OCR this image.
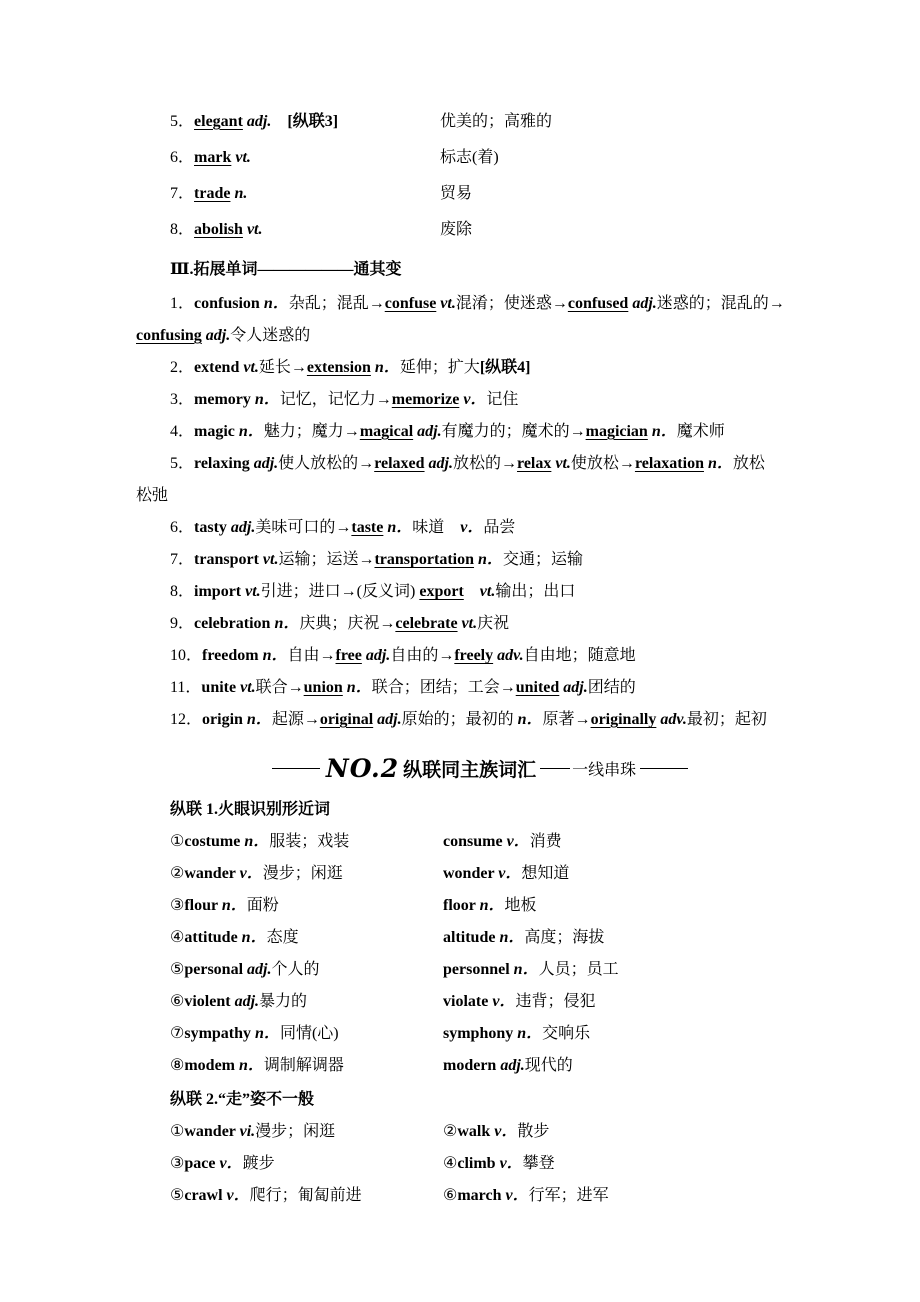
5．elegant adj.　 [纵联3]	优美的；高雅的
6．mark vt.	标志(着)
7．trade n.	贸易
8．abolish vt.	废除
Ⅲ.拓展单词——————通其变
1．confusion n．杂乱；混乱→confuse vt.混淆；使迷惑→confused adj.迷惑的；混乱的→
confusing adj.令人迷惑的
2．extend vt.延长→extension n．延伸；扩大[纵联4]
3．memory n．记忆，记忆力→memorize v．记住
4．magic n．魅力；魔力→magical adj.有魔力的；魔术的→magician n．魔术师
5．relaxing adj.使人放松的→relaxed adj.放松的→relax vt.使放松→relaxation n．放松
松弛
6．tasty adj.美味可口的→taste n．味道　v．品尝
7．transport vt.运输；运送→transportation n．交通；运输
8．import vt.引进；进口→(反义词) export　 vt.输出；出口
9．celebration n．庆典；庆祝→celebrate vt.庆祝
10．freedom n．自由→free adj.自由的→freely adv.自由地；随意地
11．unite vt.联合→union n．联合；团结；工会→united adj.团结的
12．origin n．起源→original adj.原始的；最初的 n．原著→originally adv.最初；起初
NO.2 纵联同主族词汇 一线串珠
纵联 1.火眼识别形近词
①costume n．服装；戏装	consume v．消费
②wander v．漫步；闲逛	wonder v．想知道
③flour n．面粉	floor n．地板
④attitude n．态度	altitude n．高度；海拔
⑤personal adj.个人的	personnel n．人员；员工
⑥violent adj.暴力的	violate v．违背；侵犯
⑦sympathy n．同情(心)	symphony n．交响乐
⑧modem n．调制解调器	modern adj.现代的
纵联 2.“走”姿不一般
①wander vi.漫步；闲逛	②walk v．散步
③pace v．踱步	④climb v．攀登
⑤crawl v．爬行；匍匐前进	⑥march v．行军；进军
